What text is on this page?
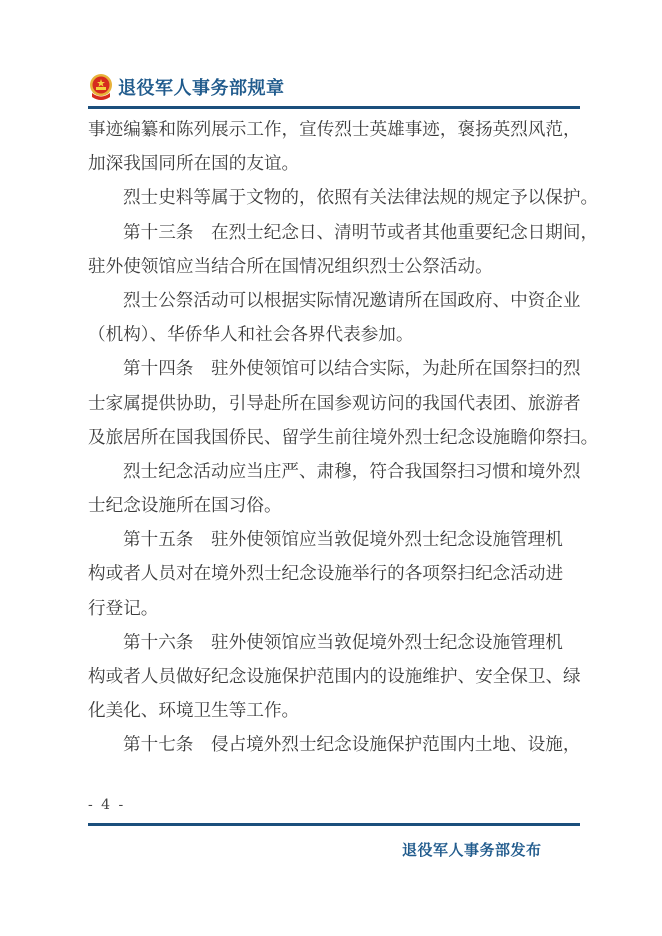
退役军人事务部规章
事迹编纂和陈列展示工作，宣传烈士英雄事迹，褒扬英烈风范，
加深我国同所在国的友谊。
烈士史料等属于文物的，依照有关法律法规的规定予以保护。
第十三条　在烈士纪念日、清明节或者其他重要纪念日期间，
驻外使领馆应当结合所在国情况组织烈士公祭活动。
烈士公祭活动可以根据实际情况邀请所在国政府、中资企业
（机构）、华侨华人和社会各界代表参加。
第十四条　驻外使领馆可以结合实际，为赴所在国祭扫的烈
士家属提供协助，引导赴所在国参观访问的我国代表团、旅游者
及旅居所在国我国侨民、留学生前往境外烈士纪念设施瞻仰祭扫。
烈士纪念活动应当庄严、肃穆，符合我国祭扫习惯和境外烈
士纪念设施所在国习俗。
第十五条　驻外使领馆应当敦促境外烈士纪念设施管理机
构或者人员对在境外烈士纪念设施举行的各项祭扫纪念活动进
行登记。
第十六条　驻外使领馆应当敦促境外烈士纪念设施管理机
构或者人员做好纪念设施保护范围内的设施维护、安全保卫、绿
化美化、环境卫生等工作。
第十七条　侵占境外烈士纪念设施保护范围内土地、设施，
- 4 -
退役军人事务部发布
